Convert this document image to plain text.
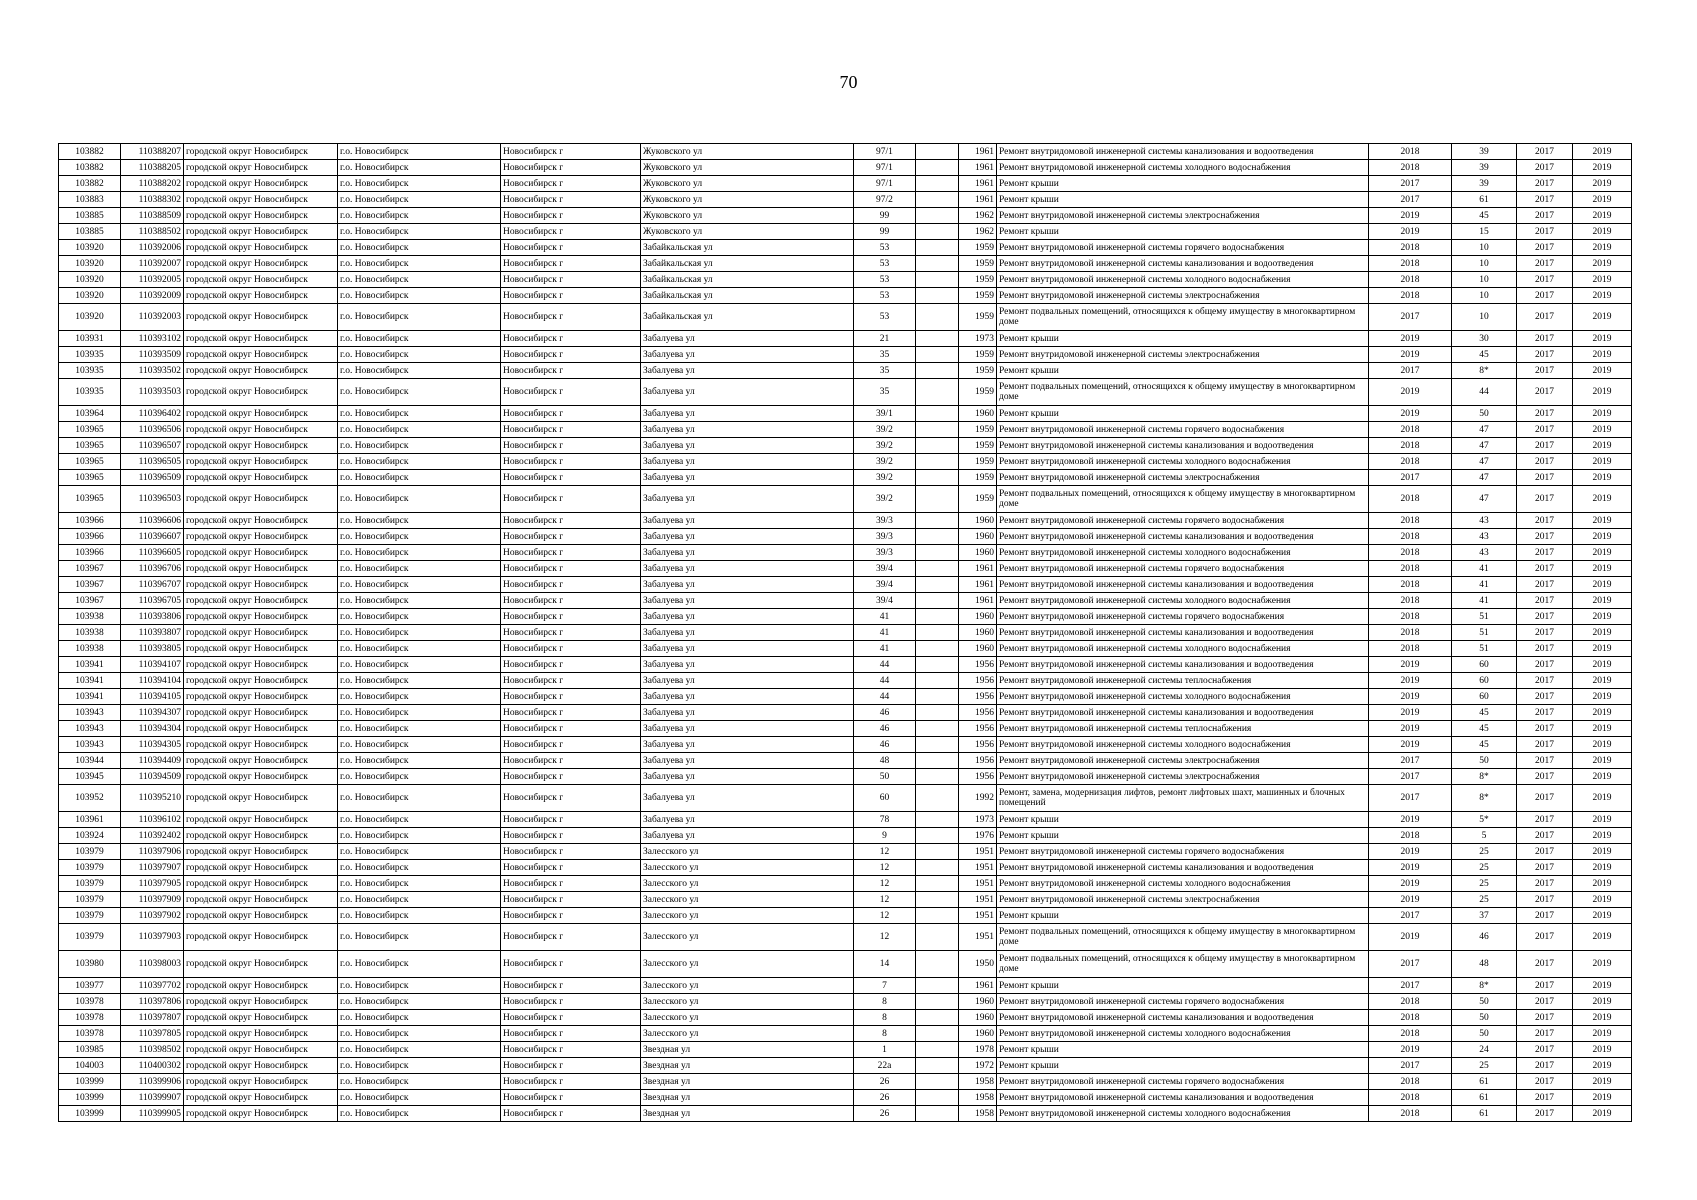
70
103882	110388207	городской округ Новосибирск	г.о. Новосибирск	Новосибирск г	Жуковского ул	97/1		1961	Ремонт внутридомовой инженерной системы канализования и водоотведения	2018	39	2017	2019
103882	110388205	городской округ Новосибирск	г.о. Новосибирск	Новосибирск г	Жуковского ул	97/1		1961	Ремонт внутридомовой инженерной системы холодного водоснабжения	2018	39	2017	2019
103882	110388202	городской округ Новосибирск	г.о. Новосибирск	Новосибирск г	Жуковского ул	97/1		1961	Ремонт крыши	2017	39	2017	2019
103883	110388302	городской округ Новосибирск	г.о. Новосибирск	Новосибирск г	Жуковского ул	97/2		1961	Ремонт крыши	2017	61	2017	2019
103885	110388509	городской округ Новосибирск	г.о. Новосибирск	Новосибирск г	Жуковского ул	99		1962	Ремонт внутридомовой инженерной системы электроснабжения	2019	45	2017	2019
103885	110388502	городской округ Новосибирск	г.о. Новосибирск	Новосибирск г	Жуковского ул	99		1962	Ремонт крыши	2019	15	2017	2019
103920	110392006	городской округ Новосибирск	г.о. Новосибирск	Новосибирск г	Забайкальская ул	53		1959	Ремонт внутридомовой инженерной системы горячего водоснабжения	2018	10	2017	2019
103920	110392007	городской округ Новосибирск	г.о. Новосибирск	Новосибирск г	Забайкальская ул	53		1959	Ремонт внутридомовой инженерной системы канализования и водоотведения	2018	10	2017	2019
103920	110392005	городской округ Новосибирск	г.о. Новосибирск	Новосибирск г	Забайкальская ул	53		1959	Ремонт внутридомовой инженерной системы холодного водоснабжения	2018	10	2017	2019
103920	110392009	городской округ Новосибирск	г.о. Новосибирск	Новосибирск г	Забайкальская ул	53		1959	Ремонт внутридомовой инженерной системы электроснабжения	2018	10	2017	2019
103920	110392003	городской округ Новосибирск	г.о. Новосибирск	Новосибирск г	Забайкальская ул	53		1959	Ремонт подвальных помещений, относящихся к общему имуществу в многоквартирном доме	2017	10	2017	2019
103931	110393102	городской округ Новосибирск	г.о. Новосибирск	Новосибирск г	Забалуева ул	21		1973	Ремонт крыши	2019	30	2017	2019
103935	110393509	городской округ Новосибирск	г.о. Новосибирск	Новосибирск г	Забалуева ул	35		1959	Ремонт внутридомовой инженерной системы электроснабжения	2019	45	2017	2019
103935	110393502	городской округ Новосибирск	г.о. Новосибирск	Новосибирск г	Забалуева ул	35		1959	Ремонт крыши	2017	8*	2017	2019
103935	110393503	городской округ Новосибирск	г.о. Новосибирск	Новосибирск г	Забалуева ул	35		1959	Ремонт подвальных помещений, относящихся к общему имуществу в многоквартирном доме	2019	44	2017	2019
103964	110396402	городской округ Новосибирск	г.о. Новосибирск	Новосибирск г	Забалуева ул	39/1		1960	Ремонт крыши	2019	50	2017	2019
103965	110396506	городской округ Новосибирск	г.о. Новосибирск	Новосибирск г	Забалуева ул	39/2		1959	Ремонт внутридомовой инженерной системы горячего водоснабжения	2018	47	2017	2019
103965	110396507	городской округ Новосибирск	г.о. Новосибирск	Новосибирск г	Забалуева ул	39/2		1959	Ремонт внутридомовой инженерной системы канализования и водоотведения	2018	47	2017	2019
103965	110396505	городской округ Новосибирск	г.о. Новосибирск	Новосибирск г	Забалуева ул	39/2		1959	Ремонт внутридомовой инженерной системы холодного водоснабжения	2018	47	2017	2019
103965	110396509	городской округ Новосибирск	г.о. Новосибирск	Новосибирск г	Забалуева ул	39/2		1959	Ремонт внутридомовой инженерной системы электроснабжения	2017	47	2017	2019
103965	110396503	городской округ Новосибирск	г.о. Новосибирск	Новосибирск г	Забалуева ул	39/2		1959	Ремонт подвальных помещений, относящихся к общему имуществу в многоквартирном доме	2018	47	2017	2019
103966	110396606	городской округ Новосибирск	г.о. Новосибирск	Новосибирск г	Забалуева ул	39/3		1960	Ремонт внутридомовой инженерной системы горячего водоснабжения	2018	43	2017	2019
103966	110396607	городской округ Новосибирск	г.о. Новосибирск	Новосибирск г	Забалуева ул	39/3		1960	Ремонт внутридомовой инженерной системы канализования и водоотведения	2018	43	2017	2019
103966	110396605	городской округ Новосибирск	г.о. Новосибирск	Новосибирск г	Забалуева ул	39/3		1960	Ремонт внутридомовой инженерной системы холодного водоснабжения	2018	43	2017	2019
103967	110396706	городской округ Новосибирск	г.о. Новосибирск	Новосибирск г	Забалуева ул	39/4		1961	Ремонт внутридомовой инженерной системы горячего водоснабжения	2018	41	2017	2019
103967	110396707	городской округ Новосибирск	г.о. Новосибирск	Новосибирск г	Забалуева ул	39/4		1961	Ремонт внутридомовой инженерной системы канализования и водоотведения	2018	41	2017	2019
103967	110396705	городской округ Новосибирск	г.о. Новосибирск	Новосибирск г	Забалуева ул	39/4		1961	Ремонт внутридомовой инженерной системы холодного водоснабжения	2018	41	2017	2019
103938	110393806	городской округ Новосибирск	г.о. Новосибирск	Новосибирск г	Забалуева ул	41		1960	Ремонт внутридомовой инженерной системы горячего водоснабжения	2018	51	2017	2019
103938	110393807	городской округ Новосибирск	г.о. Новосибирск	Новосибирск г	Забалуева ул	41		1960	Ремонт внутридомовой инженерной системы канализования и водоотведения	2018	51	2017	2019
103938	110393805	городской округ Новосибирск	г.о. Новосибирск	Новосибирск г	Забалуева ул	41		1960	Ремонт внутридомовой инженерной системы холодного водоснабжения	2018	51	2017	2019
103941	110394107	городской округ Новосибирск	г.о. Новосибирск	Новосибирск г	Забалуева ул	44		1956	Ремонт внутридомовой инженерной системы канализования и водоотведения	2019	60	2017	2019
103941	110394104	городской округ Новосибирск	г.о. Новосибирск	Новосибирск г	Забалуева ул	44		1956	Ремонт внутридомовой инженерной системы теплоснабжения	2019	60	2017	2019
103941	110394105	городской округ Новосибирск	г.о. Новосибирск	Новосибирск г	Забалуева ул	44		1956	Ремонт внутридомовой инженерной системы холодного водоснабжения	2019	60	2017	2019
103943	110394307	городской округ Новосибирск	г.о. Новосибирск	Новосибирск г	Забалуева ул	46		1956	Ремонт внутридомовой инженерной системы канализования и водоотведения	2019	45	2017	2019
103943	110394304	городской округ Новосибирск	г.о. Новосибирск	Новосибирск г	Забалуева ул	46		1956	Ремонт внутридомовой инженерной системы теплоснабжения	2019	45	2017	2019
103943	110394305	городской округ Новосибирск	г.о. Новосибирск	Новосибирск г	Забалуева ул	46		1956	Ремонт внутридомовой инженерной системы холодного водоснабжения	2019	45	2017	2019
103944	110394409	городской округ Новосибирск	г.о. Новосибирск	Новосибирск г	Забалуева ул	48		1956	Ремонт внутридомовой инженерной системы электроснабжения	2017	50	2017	2019
103945	110394509	городской округ Новосибирск	г.о. Новосибирск	Новосибирск г	Забалуева ул	50		1956	Ремонт внутридомовой инженерной системы электроснабжения	2017	8*	2017	2019
103952	110395210	городской округ Новосибирск	г.о. Новосибирск	Новосибирск г	Забалуева ул	60		1992	Ремонт, замена, модернизация лифтов, ремонт лифтовых шахт, машинных и блочных помещений	2017	8*	2017	2019
103961	110396102	городской округ Новосибирск	г.о. Новосибирск	Новосибирск г	Забалуева ул	78		1973	Ремонт крыши	2019	5*	2017	2019
103924	110392402	городской округ Новосибирск	г.о. Новосибирск	Новосибирск г	Забалуева ул	9		1976	Ремонт крыши	2018	5	2017	2019
103979	110397906	городской округ Новосибирск	г.о. Новосибирск	Новосибирск г	Залесского ул	12		1951	Ремонт внутридомовой инженерной системы горячего водоснабжения	2019	25	2017	2019
103979	110397907	городской округ Новосибирск	г.о. Новосибирск	Новосибирск г	Залесского ул	12		1951	Ремонт внутридомовой инженерной системы канализования и водоотведения	2019	25	2017	2019
103979	110397905	городской округ Новосибирск	г.о. Новосибирск	Новосибирск г	Залесского ул	12		1951	Ремонт внутридомовой инженерной системы холодного водоснабжения	2019	25	2017	2019
103979	110397909	городской округ Новосибирск	г.о. Новосибирск	Новосибирск г	Залесского ул	12		1951	Ремонт внутридомовой инженерной системы электроснабжения	2019	25	2017	2019
103979	110397902	городской округ Новосибирск	г.о. Новосибирск	Новосибирск г	Залесского ул	12		1951	Ремонт крыши	2017	37	2017	2019
103979	110397903	городской округ Новосибирск	г.о. Новосибирск	Новосибирск г	Залесского ул	12		1951	Ремонт подвальных помещений, относящихся к общему имуществу в многоквартирном доме	2019	46	2017	2019
103980	110398003	городской округ Новосибирск	г.о. Новосибирск	Новосибирск г	Залесского ул	14		1950	Ремонт подвальных помещений, относящихся к общему имуществу в многоквартирном доме	2017	48	2017	2019
103977	110397702	городской округ Новосибирск	г.о. Новосибирск	Новосибирск г	Залесского ул	7		1961	Ремонт крыши	2017	8*	2017	2019
103978	110397806	городской округ Новосибирск	г.о. Новосибирск	Новосибирск г	Залесского ул	8		1960	Ремонт внутридомовой инженерной системы горячего водоснабжения	2018	50	2017	2019
103978	110397807	городской округ Новосибирск	г.о. Новосибирск	Новосибирск г	Залесского ул	8		1960	Ремонт внутридомовой инженерной системы канализования и водоотведения	2018	50	2017	2019
103978	110397805	городской округ Новосибирск	г.о. Новосибирск	Новосибирск г	Залесского ул	8		1960	Ремонт внутридомовой инженерной системы холодного водоснабжения	2018	50	2017	2019
103985	110398502	городской округ Новосибирск	г.о. Новосибирск	Новосибирск г	Звездная ул	1		1978	Ремонт крыши	2019	24	2017	2019
104003	110400302	городской округ Новосибирск	г.о. Новосибирск	Новосибирск г	Звездная ул	22а		1972	Ремонт крыши	2017	25	2017	2019
103999	110399906	городской округ Новосибирск	г.о. Новосибирск	Новосибирск г	Звездная ул	26		1958	Ремонт внутридомовой инженерной системы горячего водоснабжения	2018	61	2017	2019
103999	110399907	городской округ Новосибирск	г.о. Новосибирск	Новосибирск г	Звездная ул	26		1958	Ремонт внутридомовой инженерной системы канализования и водоотведения	2018	61	2017	2019
103999	110399905	городской округ Новосибирск	г.о. Новосибирск	Новосибирск г	Звездная ул	26		1958	Ремонт внутридомовой инженерной системы холодного водоснабжения	2018	61	2017	2019
